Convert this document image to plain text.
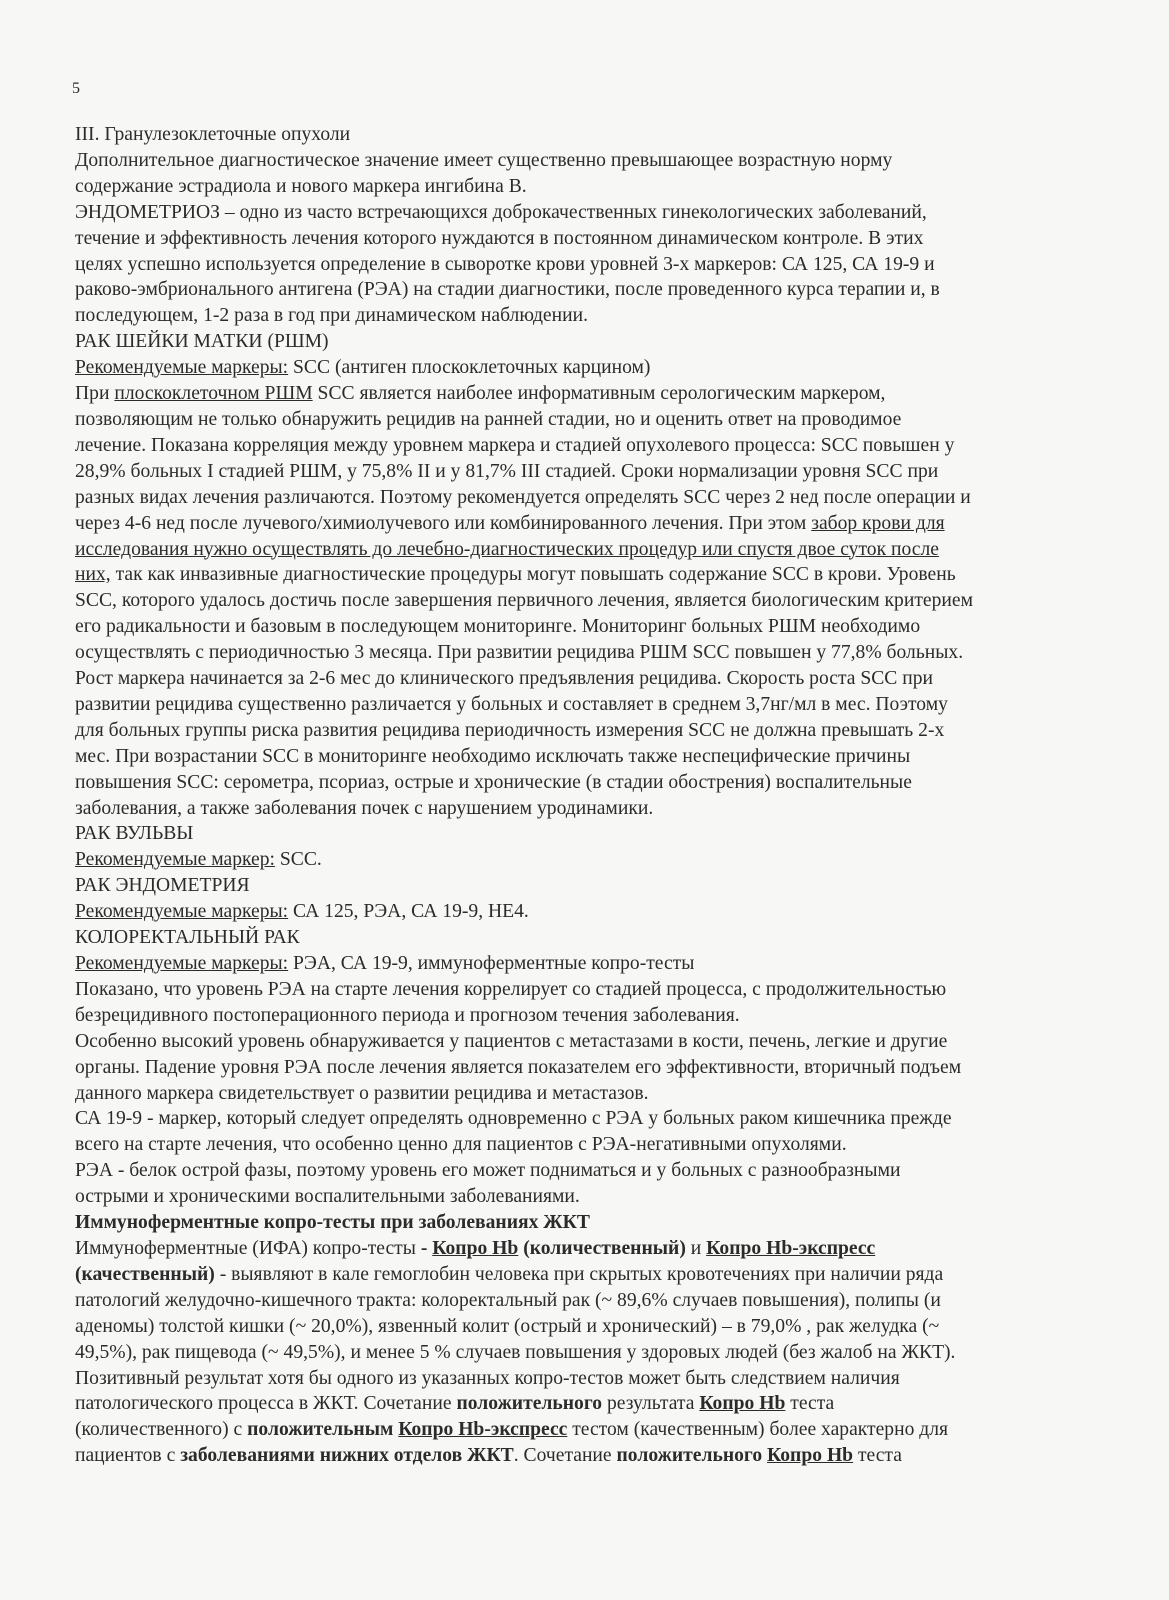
5

III. Гранулезоклеточные опухоли

Дополнительное диагностическое значение имеет существенно превышающее возрастную норму

содержание эстрадиола и нового маркера ингибина В.

ЭНДОМЕТРИОЗ – одно из часто встречающихся доброкачественных гинекологических заболеваний,

течение и эффективность лечения которого нуждаются в постоянном динамическом контроле. В этих

целях успешно используется определение в сыворотке крови уровней 3-х маркеров: СА 125, СА 19-9 и

раково-эмбрионального антигена (РЭА) на стадии диагностики, после проведенного курса терапии и, в

последующем, 1-2 раза в год при динамическом наблюдении.

РАК ШЕЙКИ МАТКИ (РШМ)

Рекомендуемые маркеры: SCC (антиген плоскоклеточных карцином)

При плоскоклеточном РШМ SCC является наиболее информативным серологическим маркером,

позволяющим не только обнаружить рецидив на ранней стадии, но и оценить ответ на проводимое

лечение. Показана корреляция между уровнем маркера и стадией опухолевого процесса: SCC повышен у

28,9% больных I стадией РШМ, у 75,8% II и у 81,7% III стадией. Сроки нормализации уровня SCC при

разных видах лечения различаются. Поэтому рекомендуется определять SCC через 2 нед после операции и

через 4-6 нед после лучевого/химиолучевого или комбинированного лечения. При этом забор крови для

исследования нужно осуществлять до лечебно-диагностических процедур или спустя двое суток после

них, так как инвазивные диагностические процедуры могут повышать содержание SCC в крови. Уровень

SCC, которого удалось достичь после завершения первичного лечения, является биологическим критерием

его радикальности и базовым в последующем мониторинге. Мониторинг больных РШМ необходимо

осуществлять с периодичностью 3 месяца. При развитии рецидива РШМ SCC повышен у 77,8% больных.

Рост маркера начинается за 2-6 мес до клинического предъявления рецидива. Скорость роста SCC при

развитии рецидива существенно различается у больных и составляет в среднем 3,7нг/мл в мес. Поэтому

для больных группы риска развития рецидива периодичность измерения SCC не должна превышать 2-х

мес. При возрастании SCC в мониторинге необходимо исключать также неспецифические причины

повышения SCC: серометра, псориаз, острые и хронические (в стадии обострения) воспалительные

заболевания, а также заболевания почек с нарушением уродинамики.

РАК ВУЛЬВЫ

Рекомендуемые маркер: SCC.

РАК ЭНДОМЕТРИЯ

Рекомендуемые маркеры: СА 125, РЭА, СА 19-9, НЕ4.

КОЛОРЕКТАЛЬНЫЙ РАК

Рекомендуемые маркеры: РЭА, СА 19-9, иммуноферментные копро-тесты

Показано, что уровень РЭА на старте лечения коррелирует со стадией процесса, с продолжительностью

безрецидивного постоперационного периода и прогнозом течения заболевания.

Особенно высокий уровень обнаруживается у пациентов с метастазами в кости, печень, легкие и другие

органы. Падение уровня РЭА после лечения является показателем его эффективности, вторичный подъем

данного маркера свидетельствует о развитии рецидива и метастазов.

СА 19-9 - маркер, который следует определять одновременно с РЭА у больных раком кишечника прежде

всего на старте лечения, что особенно ценно для пациентов с РЭА-негативными опухолями.

РЭА - белок острой фазы, поэтому уровень его может подниматься и у больных с разнообразными

острыми и хроническими воспалительными заболеваниями.

Иммуноферментные копро-тесты при заболеваниях ЖКТ

Иммуноферментные (ИФА) копро-тесты - Копро Hb (количественный) и Копро Hb-экспресс

(качественный) - выявляют в кале гемоглобин человека при скрытых кровотечениях при наличии ряда

патологий желудочно-кишечного тракта: колоректальный рак (~ 89,6% случаев повышения), полипы (и

аденомы) толстой кишки (~ 20,0%), язвенный колит (острый и хронический) – в 79,0% , рак желудка (~

49,5%), рак пищевода (~ 49,5%), и менее 5 % случаев повышения у здоровых людей (без жалоб на ЖКТ).

Позитивный результат хотя бы одного из указанных копро-тестов может быть следствием наличия

патологического процесса в ЖКТ. Сочетание положительного результата Копро Hb теста

(количественного) с положительным Копро Hb-экспресс тестом (качественным) более характерно для

пациентов с заболеваниями нижних отделов ЖКТ. Сочетание положительного Копро Hb теста
